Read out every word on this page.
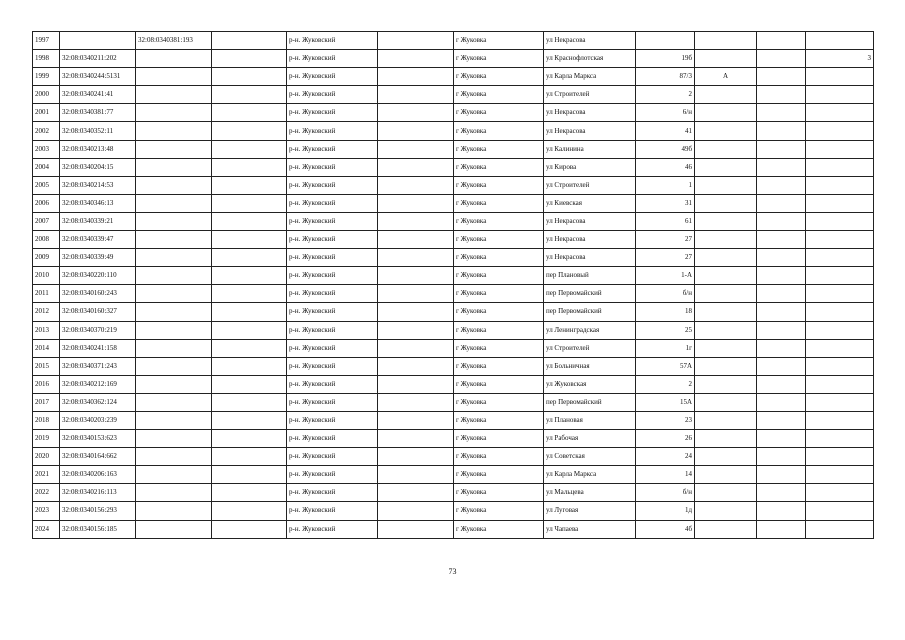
1997		32:08:0340381:193		р-н. Жуковский		г Жуковка	ул Некрасова				
1998	32:08:0340211:202			р-н. Жуковский		г Жуковка	ул Краснофлотская	19б			3
1999	32:08:0340244:5131			р-н. Жуковский		г Жуковка	ул Карла Маркса	87/3	А		
2000	32:08:0340241:41			р-н. Жуковский		г Жуковка	ул Строителей	2			
2001	32:08:0340381:77			р-н. Жуковский		г Жуковка	ул Некрасова	6/н			
2002	32:08:0340352:11			р-н. Жуковский		г Жуковка	ул Некрасова	41			
2003	32:08:0340213:48			р-н. Жуковский		г Жуковка	ул Калинина	49б			
2004	32:08:0340204:15			р-н. Жуковский		г Жуковка	ул Кирова	46			
2005	32:08:0340214:53			р-н. Жуковский		г Жуковка	ул Строителей	1			
2006	32:08:0340346:13			р-н. Жуковский		г Жуковка	ул Киевская	31			
2007	32:08:0340339:21			р-н. Жуковский		г Жуковка	ул Некрасова	61			
2008	32:08:0340339:47			р-н. Жуковский		г Жуковка	ул Некрасова	27			
2009	32:08:0340339:49			р-н. Жуковский		г Жуковка	ул Некрасова	27			
2010	32:08:0340220:110			р-н. Жуковский		г Жуковка	пер Плановый	1-А			
2011	32:08:0340160:243			р-н. Жуковский		г Жуковка	пер Первомайский	б/н			
2012	32:08:0340160:327			р-н. Жуковский		г Жуковка	пер Первомайский	18			
2013	32:08:0340370:219			р-н. Жуковский		г Жуковка	ул Ленинградская	25			
2014	32:08:0340241:158			р-н. Жуковский		г Жуковка	ул Строителей	1г			
2015	32:08:0340371:243			р-н. Жуковский		г Жуковка	ул Больничная	57А			
2016	32:08:0340212:169			р-н. Жуковский		г Жуковка	ул Жуковская	2			
2017	32:08:0340362:124			р-н. Жуковский		г Жуковка	пер Первомайский	15А			
2018	32:08:0340203:239			р-н. Жуковский		г Жуковка	ул Плановая	23			
2019	32:08:0340153:623			р-н. Жуковский		г Жуковка	ул Рабочая	26			
2020	32:08:0340164:662			р-н. Жуковский		г Жуковка	ул Советская	24			
2021	32:08:0340206:163			р-н. Жуковский		г Жуковка	ул Карла Маркса	14			
2022	32:08:0340216:113			р-н. Жуковский		г Жуковка	ул Мальцева	б/н			
2023	32:08:0340156:293			р-н. Жуковский		г Жуковка	ул Луговая	1д			
2024	32:08:0340156:185			р-н. Жуковский		г Жуковка	ул Чапаева	4б			
73
